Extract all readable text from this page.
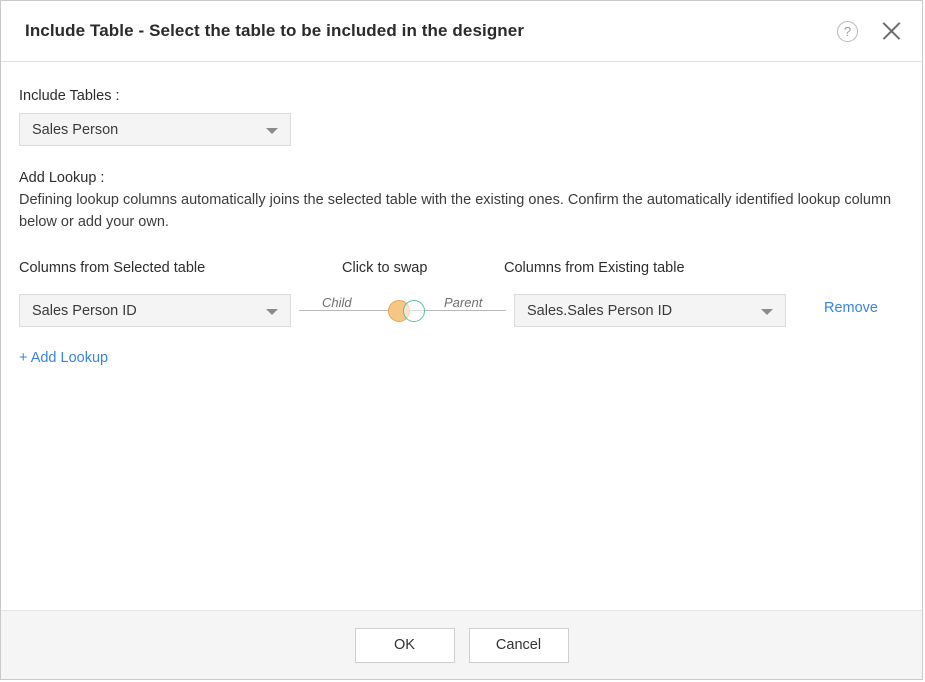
Include Table - Select the table to be included in the designer	?
Include Tables :
Sales Person
Add Lookup :
Defining lookup columns automatically joins the selected table with the existing ones. Confirm the automatically identified lookup column below or add your own.
Columns from Selected table	Click to swap	Columns from Existing table
Sales Person ID	Child	Parent	Sales.Sales Person ID	Remove
+ Add Lookup
OK	Cancel
